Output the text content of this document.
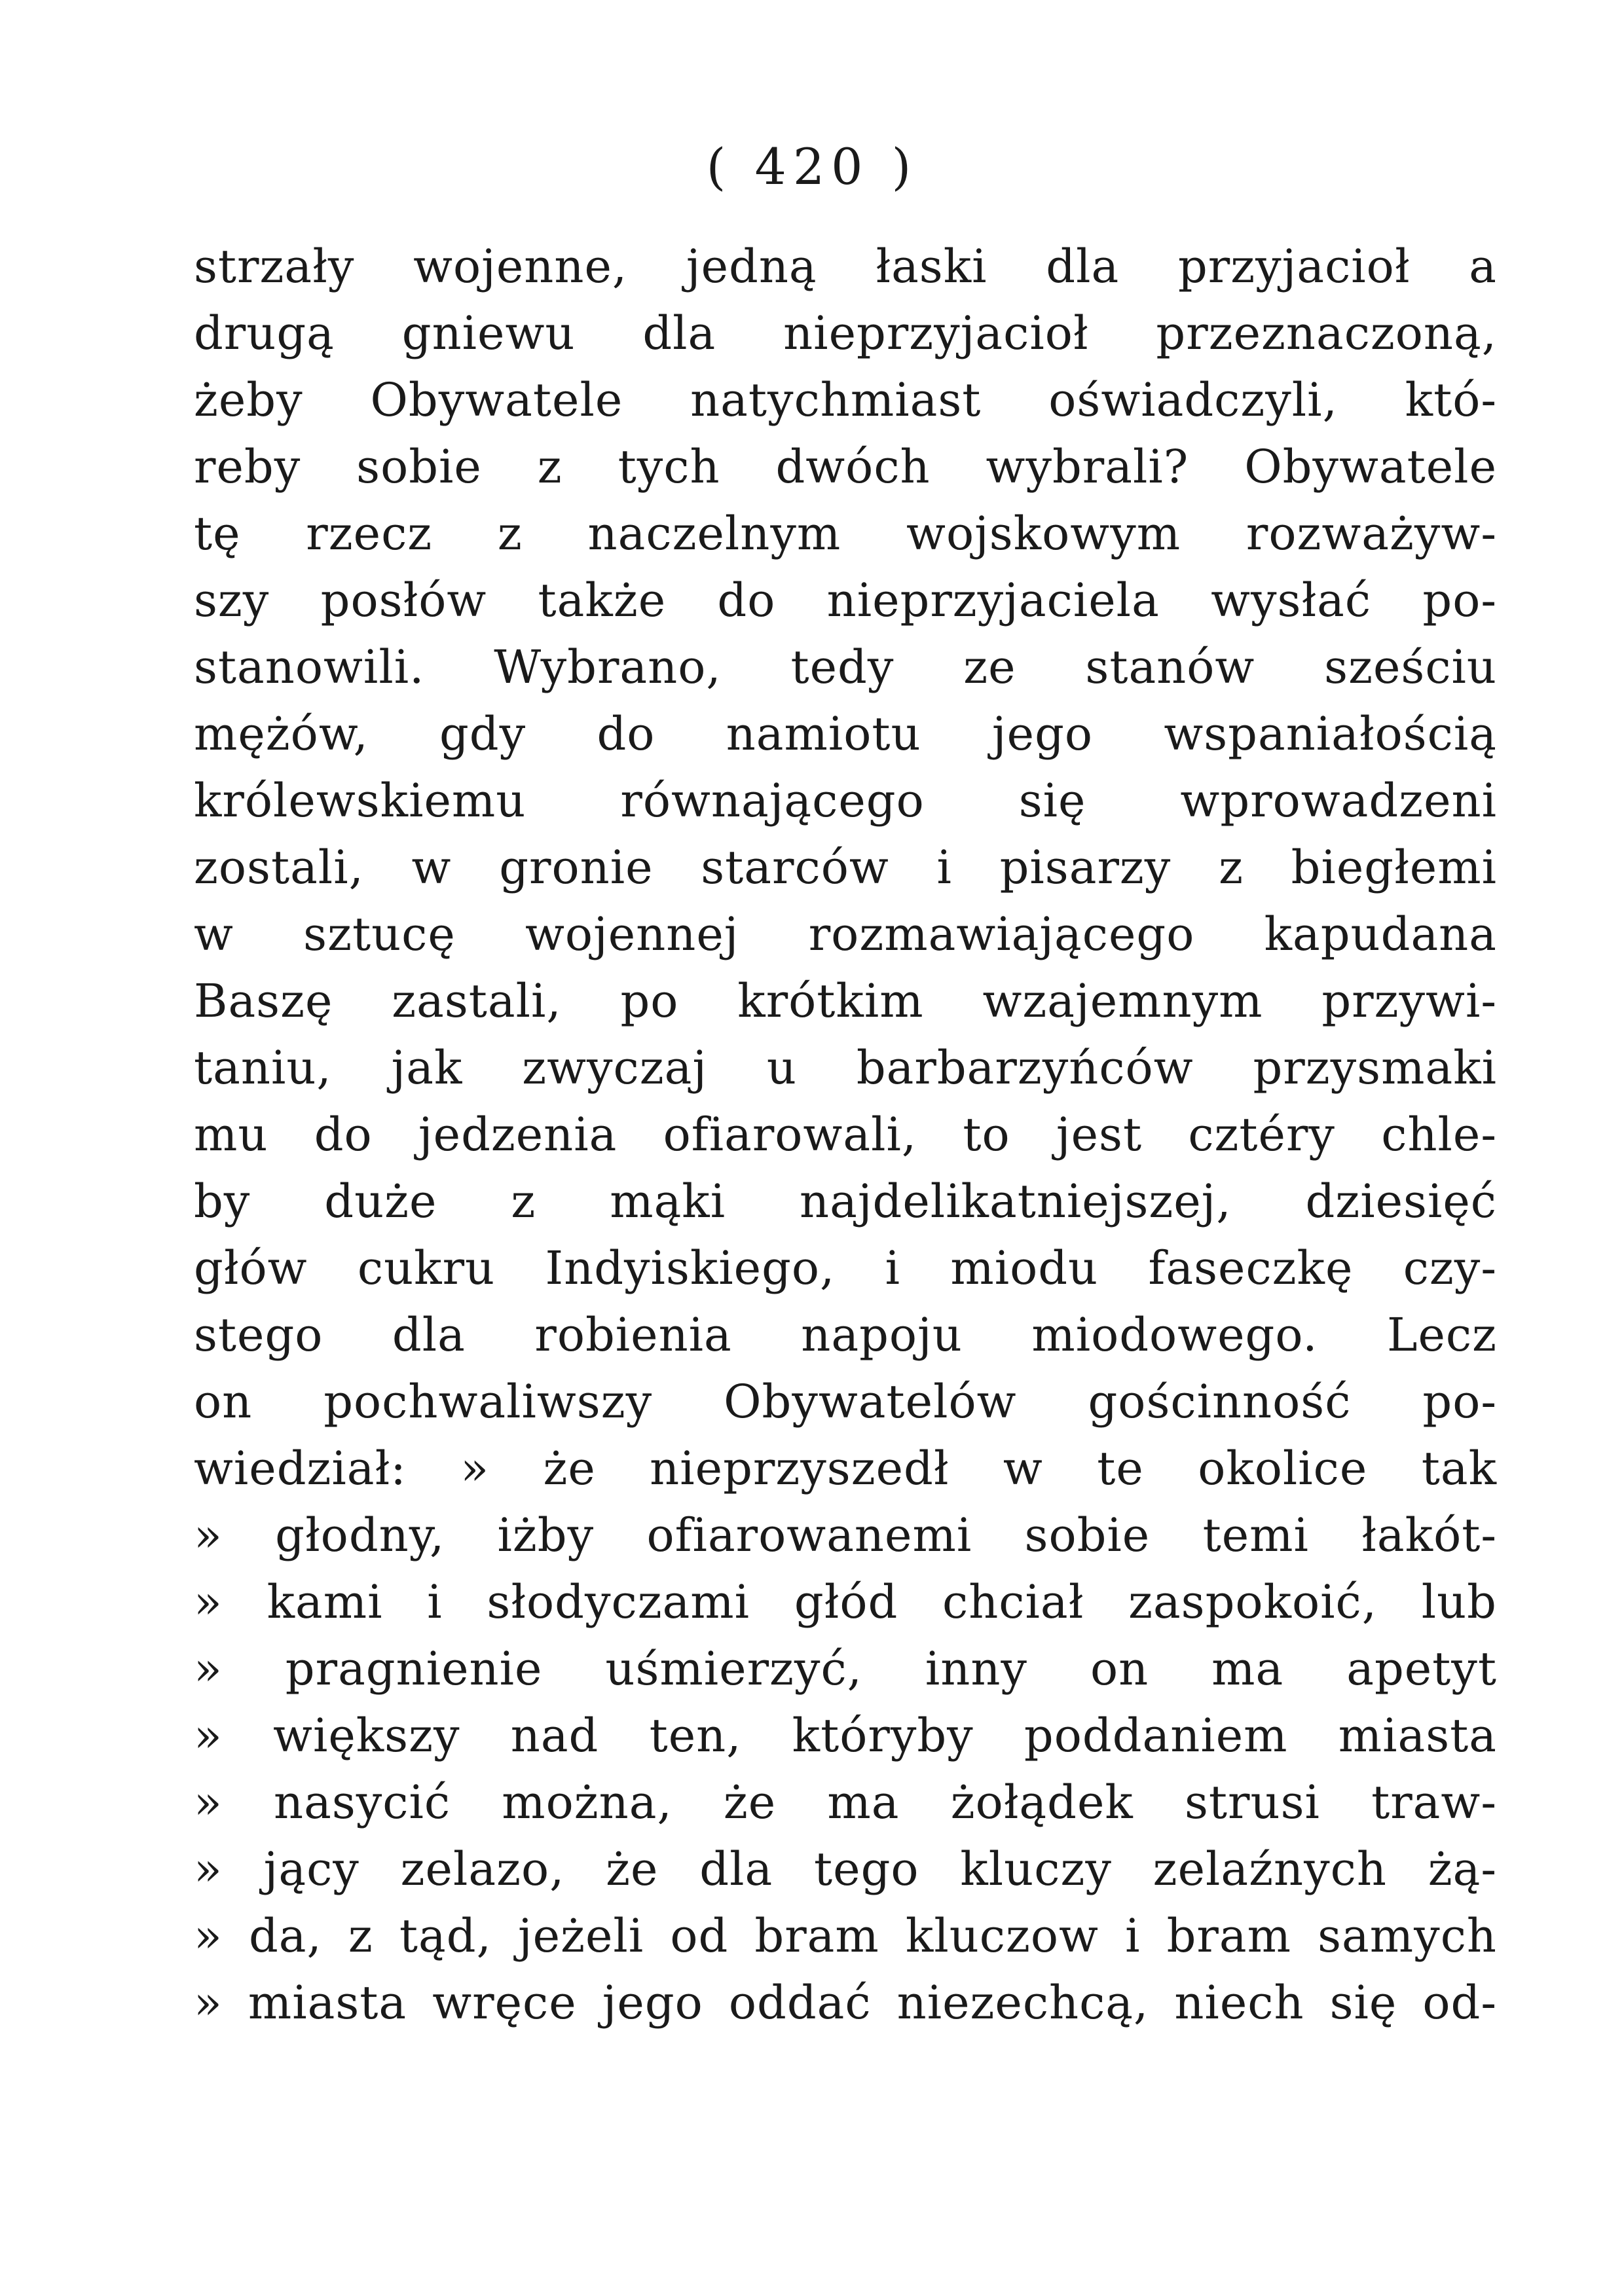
( 420 )
strzały wojenne, jedną łaski dla przyjacioł a
drugą gniewu dla nieprzyjacioł przeznaczoną,
żeby Obywatele natychmiast oświadczyli, któ-
reby sobie z tych dwóch wybrali? Obywatele
tę rzecz z naczelnym wojskowym rozważyw-
szy posłów także do nieprzyjaciela wysłać po-
stanowili. Wybrano, tedy ze stanów sześciu
mężów, gdy do namiotu jego wspaniałością
królewskiemu równającego się wprowadzeni
zostali, w gronie starców i pisarzy z biegłemi
w sztucę wojennej rozmawiającego kapudana
Baszę zastali, po krótkim wzajemnym przywi-
taniu, jak zwyczaj u barbarzyńców przysmaki
mu do jedzenia ofiarowali, to jest cztéry chle-
by duże z mąki najdelikatniejszej, dziesięć
głów cukru Indyiskiego, i miodu faseczkę czy-
stego dla robienia napoju miodowego. Lecz
on pochwaliwszy Obywatelów gościnność po-
wiedział: » że nieprzyszedł w te okolice tak
» głodny, iżby ofiarowanemi sobie temi łakót-
» kami i słodyczami głód chciał zaspokoić, lub
» pragnienie uśmierzyć, inny on ma apetyt
» większy nad ten, któryby poddaniem miasta
» nasycić można, że ma żołądek strusi traw-
» jący zelazo, że dla tego kluczy zelaźnych żą-
» da, z tąd, jeżeli od bram kluczow i bram samych
» miasta wręce jego oddać niezechcą, niech się od-
